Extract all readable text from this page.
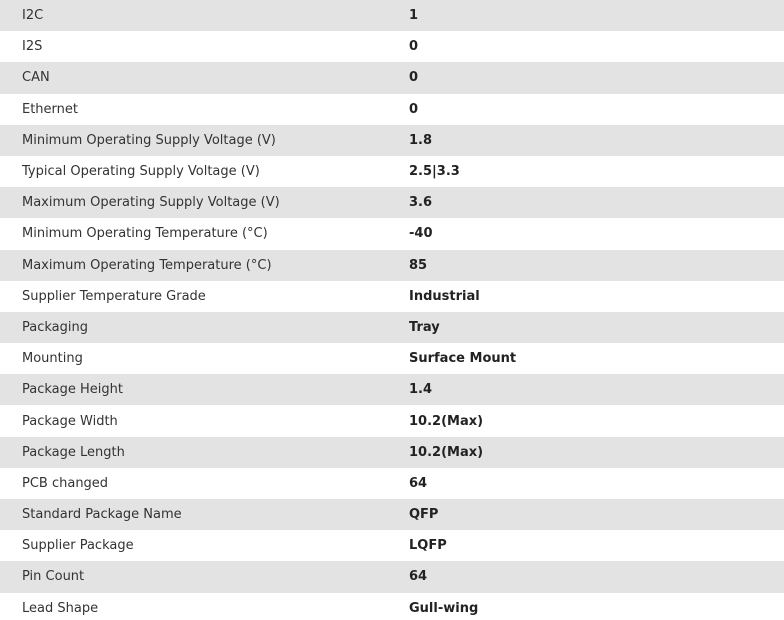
I2C	1
I2S	0
CAN	0
Ethernet	0
Minimum Operating Supply Voltage (V)	1.8
Typical Operating Supply Voltage (V)	2.5|3.3
Maximum Operating Supply Voltage (V)	3.6
Minimum Operating Temperature (°C)	-40
Maximum Operating Temperature (°C)	85
Supplier Temperature Grade	Industrial
Packaging	Tray
Mounting	Surface Mount
Package Height	1.4
Package Width	10.2(Max)
Package Length	10.2(Max)
PCB changed	64
Standard Package Name	QFP
Supplier Package	LQFP
Pin Count	64
Lead Shape	Gull-wing
